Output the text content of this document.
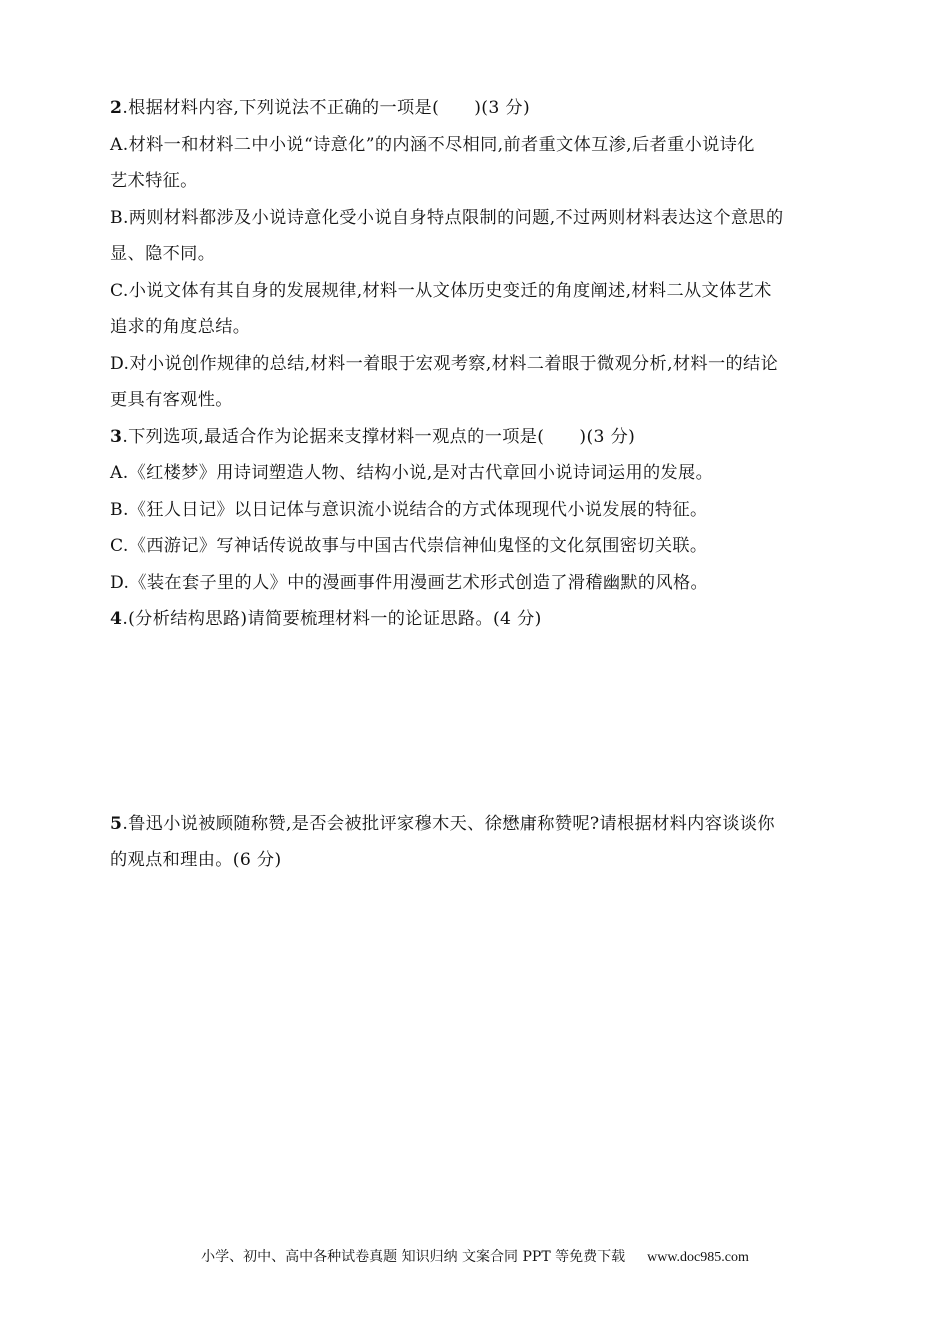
2.根据材料内容,下列说法不正确的一项是(　　)(3 分)
A.材料一和材料二中小说“诗意化”的内涵不尽相同,前者重文体互渗,后者重小说诗化
艺术特征。
B.两则材料都涉及小说诗意化受小说自身特点限制的问题,不过两则材料表达这个意思的
显、隐不同。
C.小说文体有其自身的发展规律,材料一从文体历史变迁的角度阐述,材料二从文体艺术
追求的角度总结。
D.对小说创作规律的总结,材料一着眼于宏观考察,材料二着眼于微观分析,材料一的结论
更具有客观性。
3.下列选项,最适合作为论据来支撑材料一观点的一项是(　　)(3 分)
A.《红楼梦》用诗词塑造人物、结构小说,是对古代章回小说诗词运用的发展。
B.《狂人日记》以日记体与意识流小说结合的方式体现现代小说发展的特征。
C.《西游记》写神话传说故事与中国古代崇信神仙鬼怪的文化氛围密切关联。
D.《装在套子里的人》中的漫画事件用漫画艺术形式创造了滑稽幽默的风格。
4.(分析结构思路)请简要梳理材料一的论证思路。(4 分)
5.鲁迅小说被顾随称赞,是否会被批评家穆木天、徐懋庸称赞呢?请根据材料内容谈谈你
的观点和理由。(6 分)
小学、初中、高中各种试卷真题 知识归纳 文案合同 PPT 等免费下载 www.doc985.com
